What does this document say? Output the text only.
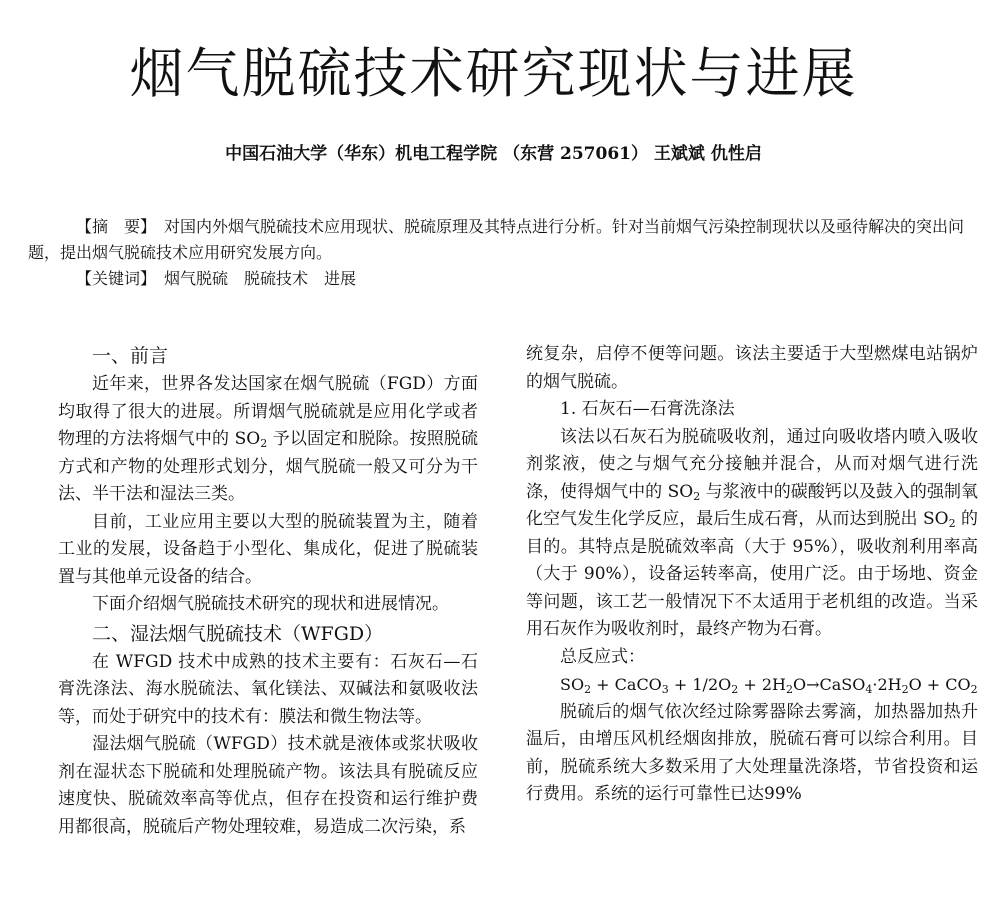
烟气脱硫技术研究现状与进展
中国石油大学（华东）机电工程学院 （东营 257061） 王斌斌 仇性启

【摘　要】　 对国内外烟气脱硫技术应用现状、脱硫原理及其特点进行分析。针对当前烟气污染控制现状以及亟待解决的突出问题，提出烟气脱硫技术应用研究发展方向。

【关键词】　 烟气脱硫　脱硫技术　进展

一、前言

近年来，世界各发达国家在烟气脱硫（FGD）方面均取得了很大的进展。所谓烟气脱硫就是应用化学或者物理的方法将烟气中的 $SO_2$ 予以固定和脱除。按照脱硫方式和产物的处理形式划分，烟气脱硫一般又可分为干法、半干法和湿法三类。

目前，工业应用主要以大型的脱硫装置为主，随着工业的发展，设备趋于小型化、集成化，促进了脱硫装置与其他单元设备的结合。

下面介绍烟气脱硫技术研究的现状和进展情况。

二、湿法烟气脱硫技术（WFGD）

在 WFGD 技术中成熟的技术主要有：石灰石—石膏洗涤法、海水脱硫法、氧化镁法、双碱法和氨吸收法等，而处于研究中的技术有：膜法和微生物法等。

湿法烟气脱硫（WFGD）技术就是液体或浆状吸收剂在湿状态下脱硫和处理脱硫产物。该法具有脱硫反应速度快、脱硫效率高等优点，但存在投资和运行维护费用都很高，脱硫后产物处理较难，易造成二次污染，系

统复杂，启停不便等问题。该法主要适于大型燃煤电站锅炉的烟气脱硫。

1. 石灰石—石膏洗涤法

该法以石灰石为脱硫吸收剂，通过向吸收塔内喷入吸收剂浆液，使之与烟气充分接触并混合，从而对烟气进行洗涤，使得烟气中的 $SO_2$ 与浆液中的碳酸钙以及鼓入的强制氧化空气发生化学反应，最后生成石膏，从而达到脱出 $SO_2$ 的目的。其特点是脱硫效率高（大于 95%），吸收剂利用率高（大于 90%），设备运转率高，使用广泛。由于场地、资金等问题，该工艺一般情况下不太适用于老机组的改造。当采用石灰作为吸收剂时，最终产物为石膏。

总反应式：

$SO_2$ + CaCO$_3$ + $1/2O_2$ + $2H_2O\to CaSO_4\cdot 2H_2O + CO_2$

脱硫后的烟气依次经过除雾器除去雾滴，加热器加热升温后，由增压风机经烟囱排放，脱硫石膏可以综合利用。目前，脱硫系统大多数采用了大处理量洗涤塔，节省投资和运行费用。系统的运行可靠性已达99%
